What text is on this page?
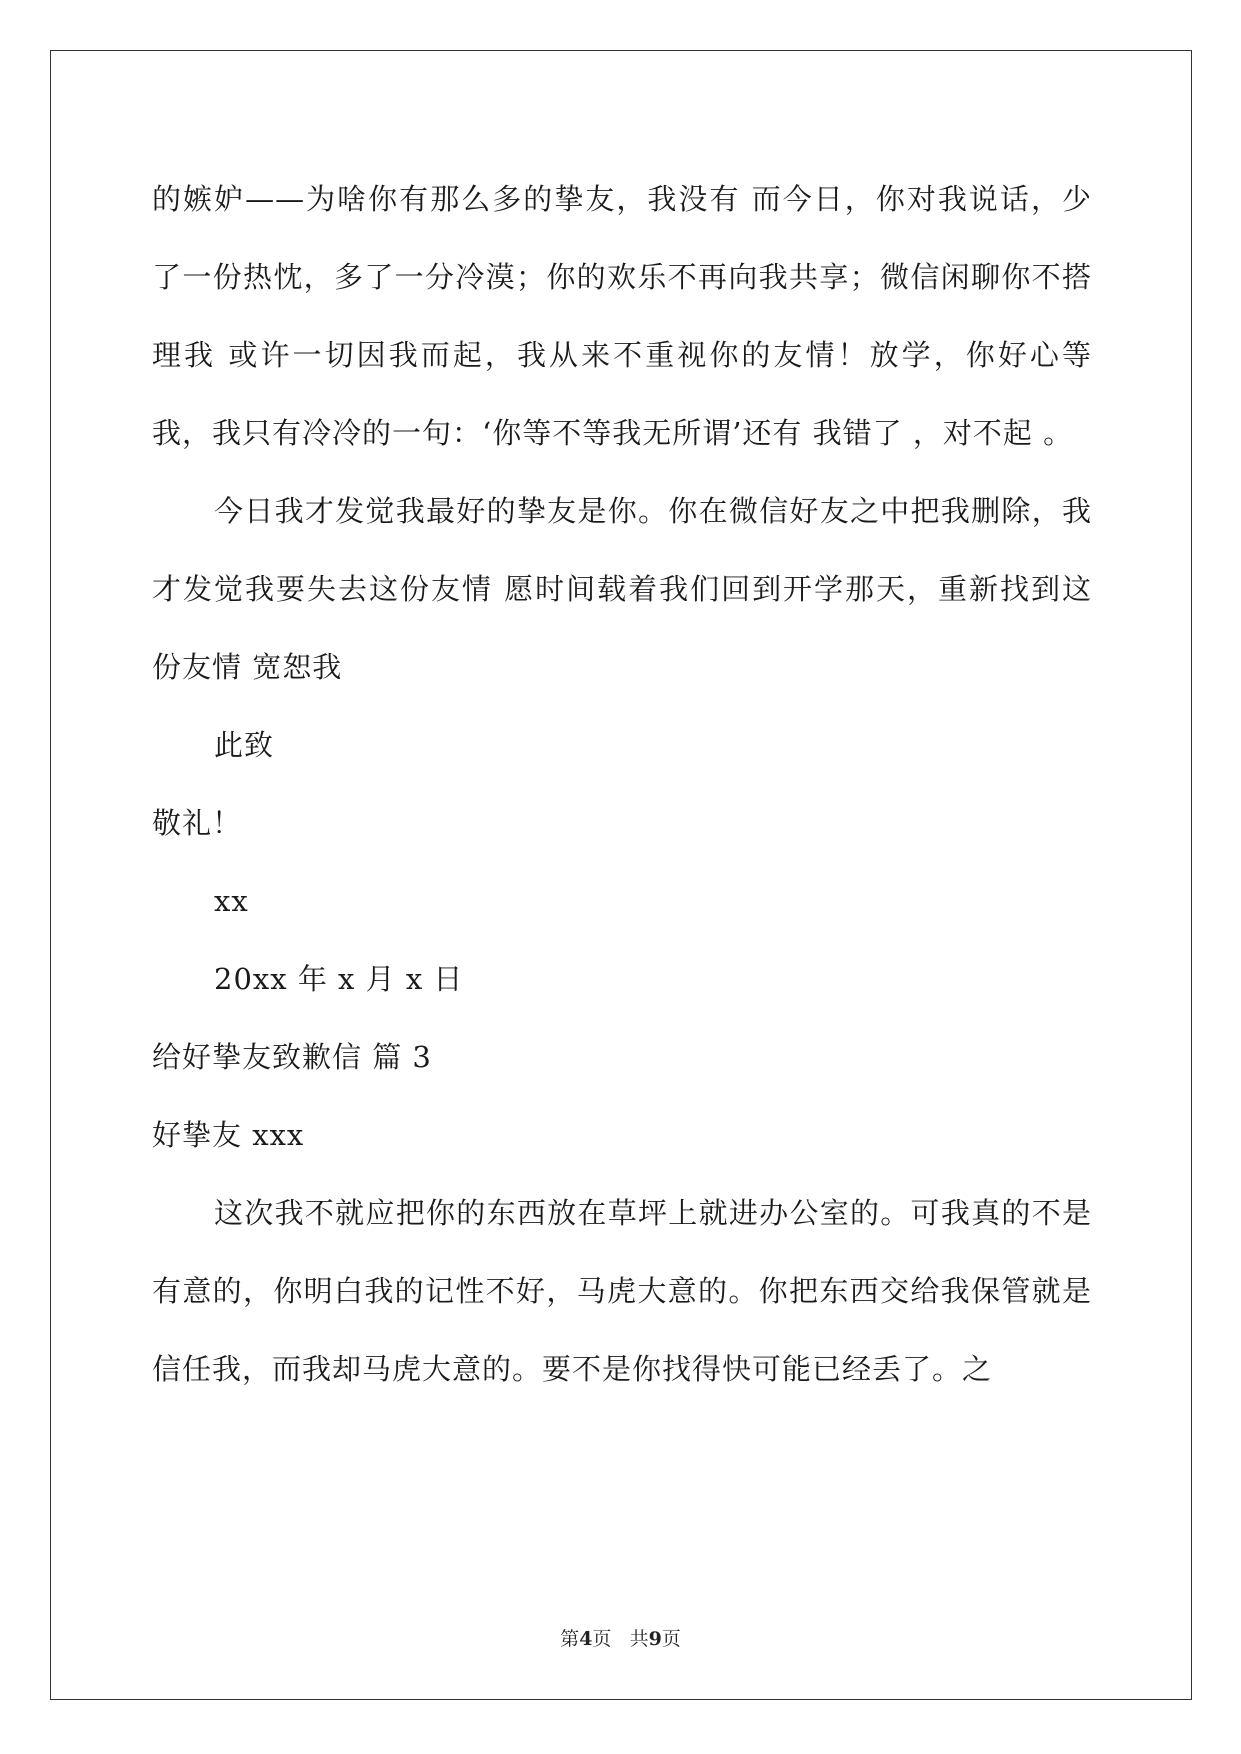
的嫉妒——为啥你有那么多的挚友，我没有 而今日，你对我说话，少了一份热忱，多了一分冷漠；你的欢乐不再向我共享；微信闲聊你不搭理我 或许一切因我而起，我从来不重视你的友情！放学，你好心等我，我只有冷冷的一句：‘你等不等我无所谓’还有 我错了 ，对不起 。

今日我才发觉我最好的挚友是你。你在微信好友之中把我删除，我才发觉我要失去这份友情 愿时间载着我们回到开学那天，重新找到这份友情 宽恕我

此致

敬礼！

xx

20xx 年 x 月 x 日

给好挚友致歉信 篇 3

好挚友 xxx

这次我不就应把你的东西放在草坪上就进办公室的。可我真的不是有意的，你明白我的记性不好，马虎大意的。你把东西交给我保管就是信任我，而我却马虎大意的。要不是你找得快可能已经丢了。之

第4页 共9页
